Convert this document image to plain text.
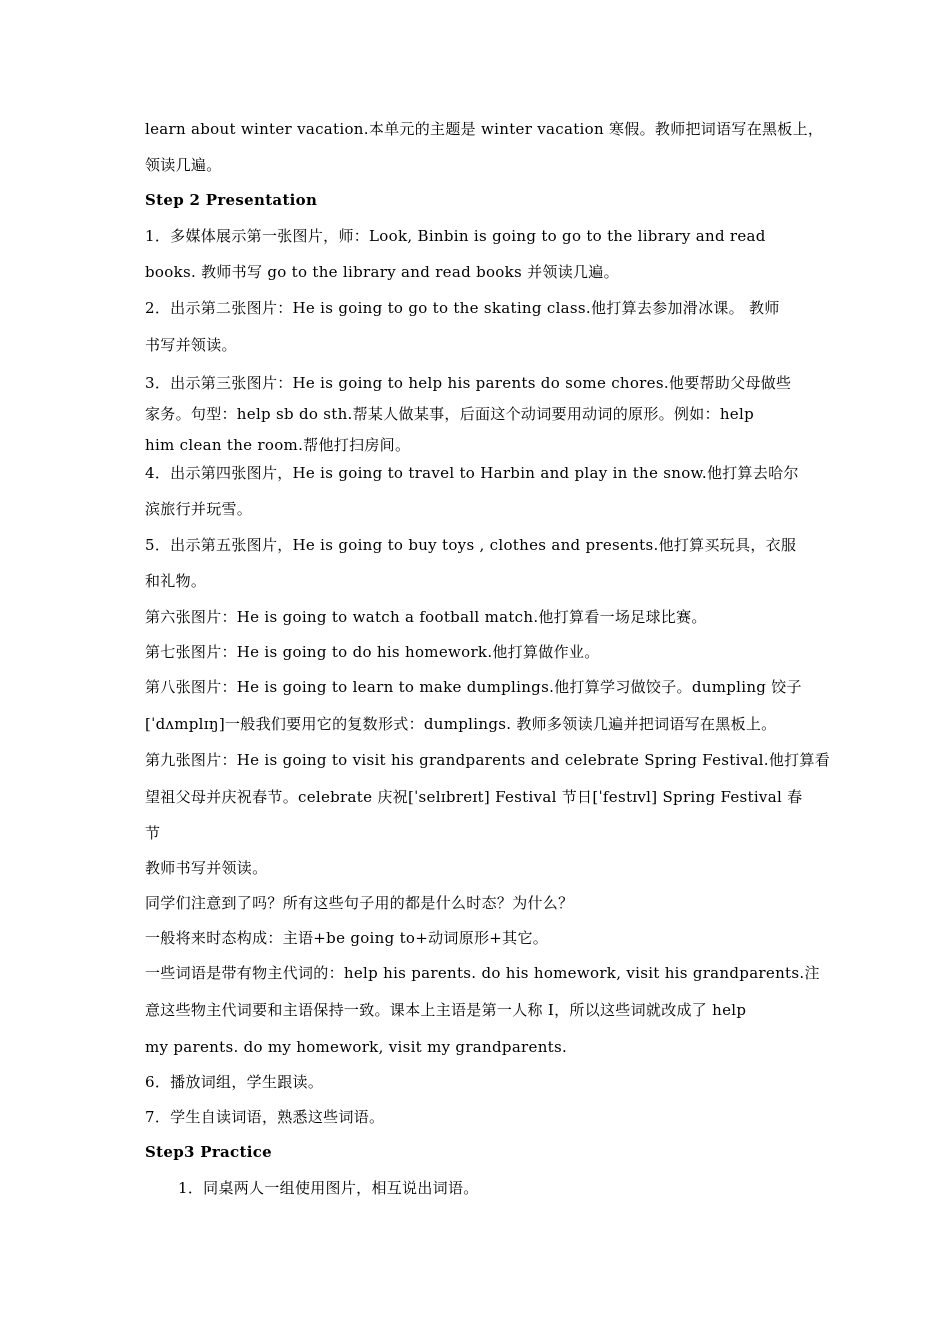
learn about winter vacation.本单元的主题是 winter vacation 寒假。教师把词语写在黑板上，
领读几遍。
Step 2 Presentation
1．多媒体展示第一张图片，师：Look, Binbin is going to go to the library and read
books. 教师书写 go to the library and read books 并领读几遍。
2．出示第二张图片：He is going to go to the skating class.他打算去参加滑冰课。 教师
书写并领读。
3．出示第三张图片：He is going to help his parents do some chores.他要帮助父母做些
家务。句型：help sb do sth.帮某人做某事，后面这个动词要用动词的原形。例如：help
him clean the room.帮他打扫房间。
4．出示第四张图片，He is going to travel to Harbin and play in the snow.他打算去哈尔
滨旅行并玩雪。
5．出示第五张图片，He is going to buy toys , clothes and presents.他打算买玩具，衣服
和礼物。
第六张图片：He is going to watch a football match.他打算看一场足球比赛。
第七张图片：He is going to do his homework.他打算做作业。
第八张图片：He is going to learn to make dumplings.他打算学习做饺子。dumpling 饺子
[ˈdʌmplɪŋ]一般我们要用它的复数形式：dumplings. 教师多领读几遍并把词语写在黑板上。
第九张图片：He is going to visit his grandparents and celebrate Spring Festival.他打算看
望祖父母并庆祝春节。celebrate 庆祝[ˈselɪbreɪt] Festival 节日[ˈfestɪvl] Spring Festival 春
节
教师书写并领读。
同学们注意到了吗？所有这些句子用的都是什么时态？为什么？
一般将来时态构成：主语+be going to+动词原形+其它。
一些词语是带有物主代词的：help his parents. do his homework, visit his grandparents.注
意这些物主代词要和主语保持一致。课本上主语是第一人称 I，所以这些词就改成了 help
my parents. do my homework, visit my grandparents.
6．播放词组，学生跟读。
7．学生自读词语，熟悉这些词语。
Step3 Practice
1．同桌两人一组使用图片，相互说出词语。
